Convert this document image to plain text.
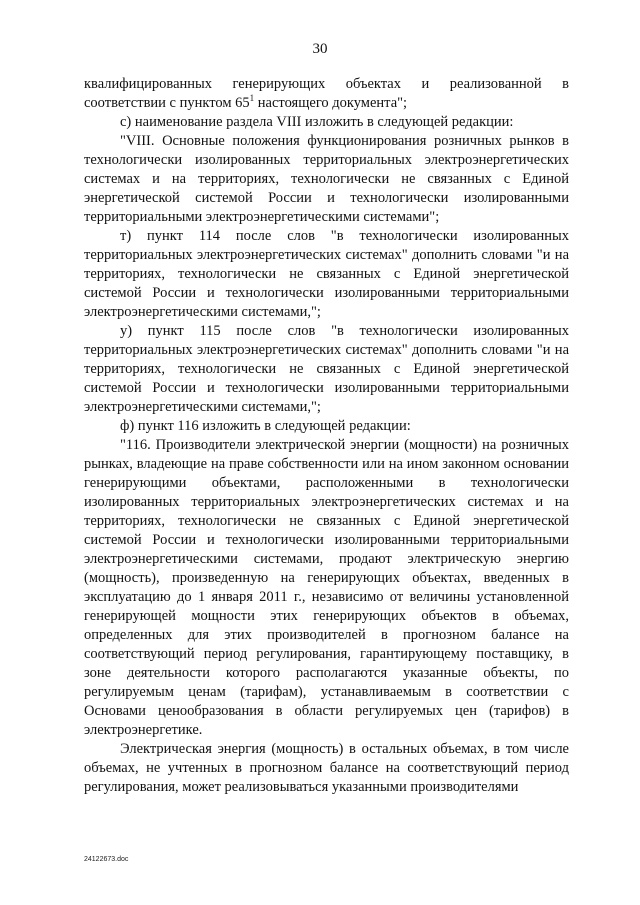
30

квалифицированных генерирующих объектах и реализованной в соответствии с пунктом $65^1$ настоящего документа";

с) наименование раздела VIII изложить в следующей редакции:

"VIII. Основные положения функционирования розничных рынков в технологически изолированных территориальных электроэнергетических системах и на территориях, технологически не связанных с Единой энергетической системой России и технологически изолированными территориальными электроэнергетическими системами";

т) пункт 114 после слов "в технологически изолированных территориальных электроэнергетических системах" дополнить словами "и на территориях, технологически не связанных с Единой энергетической системой России и технологически изолированными территориальными электроэнергетическими системами,";

у) пункт 115 после слов "в технологически изолированных территориальных электроэнергетических системах" дополнить словами "и на территориях, технологически не связанных с Единой энергетической системой России и технологически изолированными территориальными электроэнергетическими системами,";

ф) пункт 116 изложить в следующей редакции:

"116. Производители электрической энергии (мощности) на розничных рынках, владеющие на праве собственности или на ином законном основании генерирующими объектами, расположенными в технологически изолированных территориальных электроэнергетических системах и на территориях, технологически не связанных с Единой энергетической системой России и технологически изолированными территориальными электроэнергетическими системами, продают электрическую энергию (мощность), произведенную на генерирующих объектах, введенных в эксплуатацию до 1 января 2011 г., независимо от величины установленной генерирующей мощности этих генерирующих объектов в объемах, определенных для этих производителей в прогнозном балансе на соответствующий период регулирования, гарантирующему поставщику, в зоне деятельности которого располагаются указанные объекты, по регулируемым ценам (тарифам), устанавливаемым в соответствии с Основами ценообразования в области регулируемых цен (тарифов) в электроэнергетике.

Электрическая энергия (мощность) в остальных объемах, в том числе объемах, не учтенных в прогнозном балансе на соответствующий период регулирования, может реализовываться указанными производителями

24122673.doc
